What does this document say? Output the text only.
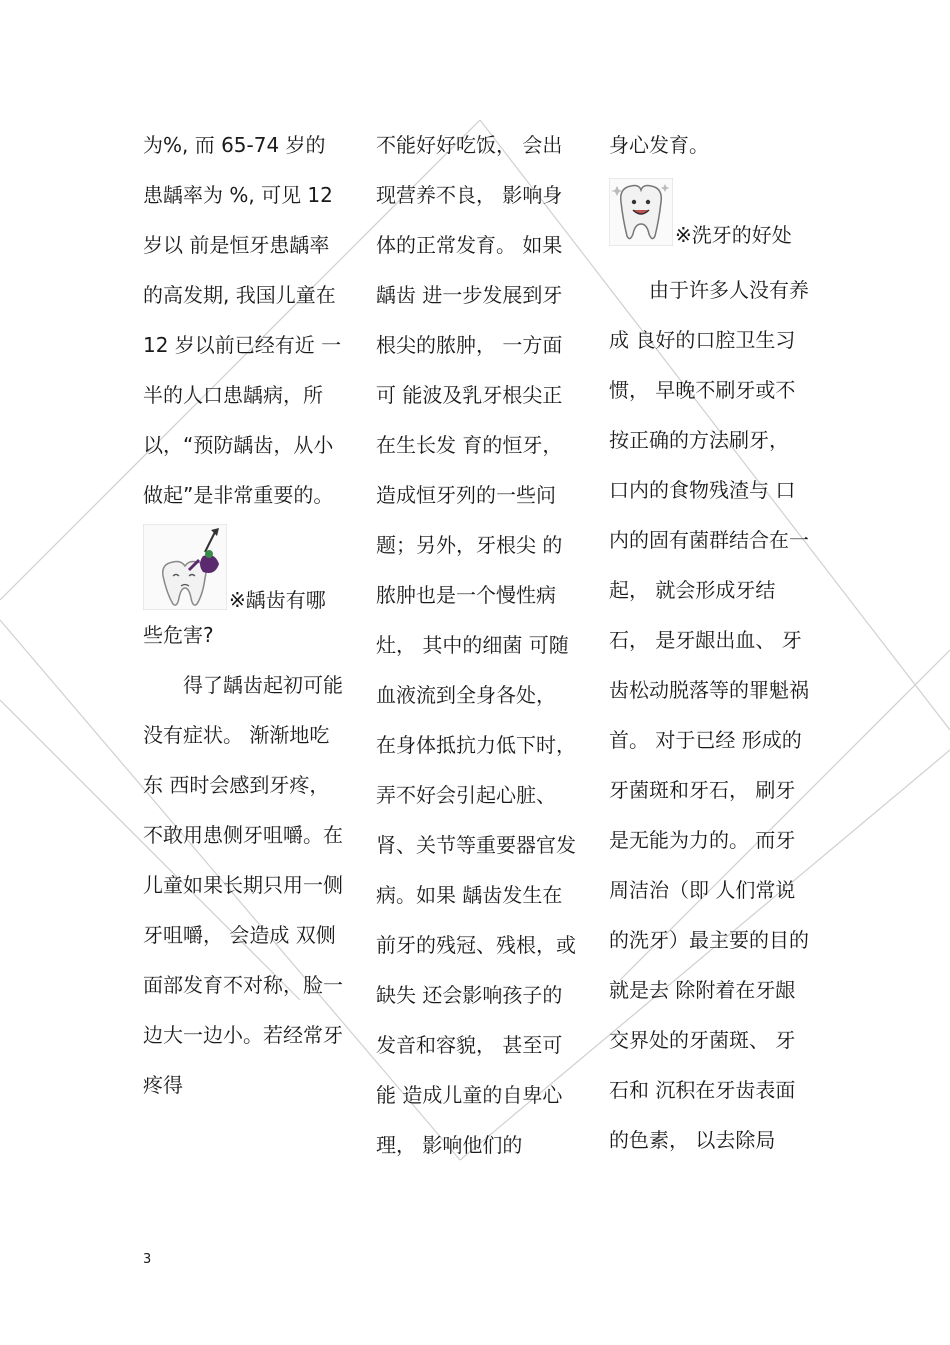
为%, 而 65-74 岁的患龋率为 %, 可见 12 岁以 前是恒牙患龋率的高发期, 我国儿童在 12 岁以前已经有近 一半的人口患龋病，所以，“预防龋齿，从小做起”是非常重要的。

※龋齿有哪

些危害?

得了龋齿起初可能没有症状。 渐渐地吃东 西时会感到牙疼，不敢用患侧牙咀嚼。在儿童如果长期只用一侧牙咀嚼， 会造成 双侧面部发育不对称，脸一边大一边小。若经常牙疼得

不能好好吃饭， 会出现营养不良， 影响身体的正常发育。 如果龋齿 进一步发展到牙根尖的脓肿， 一方面可 能波及乳牙根尖正 在生长发 育的恒牙，造成恒牙列的一些问题；另外，牙根尖 的脓肿也是一个慢性病灶， 其中的细菌 可随血液流到全身各处， 在身体抵抗力低下时， 弄不好会引起心脏、肾、关节等重要器官发病。如果 龋齿发生在前牙的残冠、残根，或缺失 还会影响孩子的发音和容貌， 甚至可能 造成儿童的自卑心理， 影响他们的

身心发育。

※洗牙的好处

由于许多人没有养成 良好的口腔卫生习惯， 早晚不刷牙或不 按正确的方法刷牙， 口内的食物残渣与 口内的固有菌群结合在一起， 就会形成牙结石， 是牙龈出血、 牙齿松动脱落等的罪魁祸首。 对于已经 形成的牙菌斑和牙石， 刷牙是无能为力的。 而牙周洁治（即 人们常说的洗牙）最主要的目的就是去 除附着在牙龈交界处的牙菌斑、 牙石和 沉积在牙齿表面的色素， 以去除局

3
